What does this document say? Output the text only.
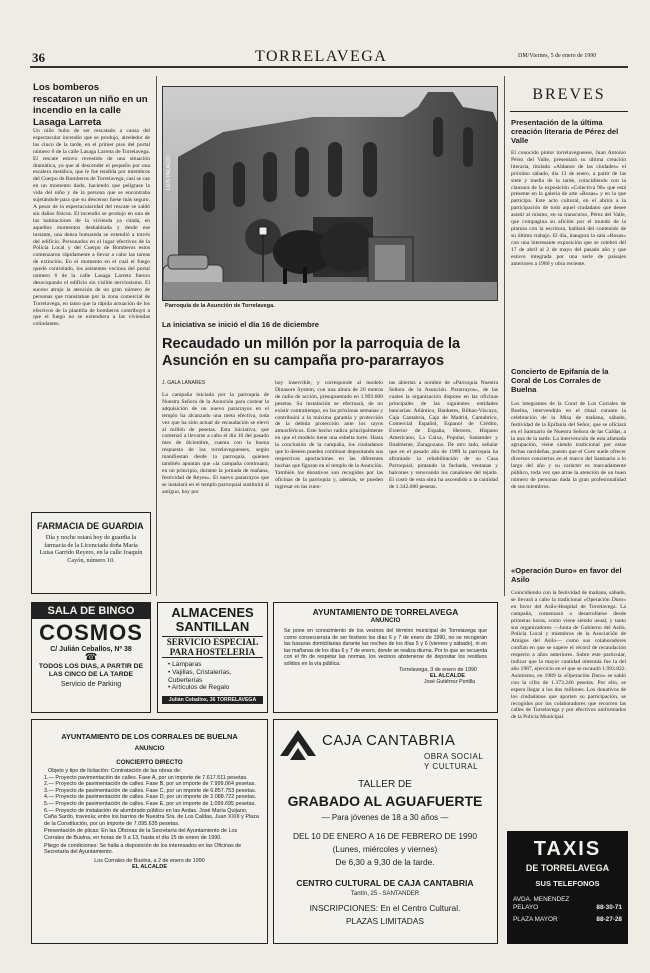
36	TORRELAVEGA	DM/Viernes, 5 de enero de 1990
Los bomberos rescataron un niño en un incendio en la calle Lasaga Larreta
Un niño hubo de ser rescatado a causa del espectacular incendio que se produjo, alrededor de las cinco de la tarde, en el primer piso del portal número 6 de la calle Lasaga Larreta de Torrelavega. El rescate estuvo revestido de una situación dramática, ya que al descender el pequeño por una escalera metálica, que le fue tendida por miembros del Cuerpo de Bomberos de Torrelavega, casi se cae en un momento dado, haciendo que peligrase la vida del niño y de la persona que se encontraba sujetándole para que su descenso fuese más seguro. A pesar de la espectacularidad del rescate se saldó sin daños físicos. El incendio se produjo en una de las habitaciones de la vivienda ya citada, en aquellos momentos deshabitada y desde ese instante, una densa humareda se extendió a través del edificio. Personados en el lugar efectivos de la Policía Local y del Cuerpo de Bomberos estos comenzaron rápidamente a llevar a cabo las tareas de extinción. En el momento en el cual el fuego quedó controlado, los asistentes vecinos del portal número 6 de la calle Lasaga Larreta fueron desocupando el edificio sin visible nerviosismo. El suceso atrajo la atención de un gran número de personas que transitaban por la zona comercial de Torrelavega, en tanto que la rápida actuación de los efectivos de la plantilla de bomberos contribuyó a que el fuego no se extendiera a las viviendas colindantes.
FARMACIA DE GUARDIA
Día y noche estará hoy de guardia la farmacia de la Licenciada doña María Luisa Garrido Reyero, en la calle Joaquín Cayón, número 10.
LUIS PALACIO
Parroquia de la Asunción de Torrelavega.
La iniciativa se inició el día 16 de diciembre
Recaudado un millón por la parroquia de la Asunción en su campaña pro-pararrayos
J. GALA LANARES
La campaña iniciada por la parroquia de Nuestra Señora de la Asunción para costear la adquisición de un nuevo pararrayos en el templo ha alcanzado una meta efectiva, toda vez que ha sido actual de recaudación se elevó al millón de pesetas. Esta iniciativa, que comenzó a llevarse a cabo el día 16 del pasado mes de diciembre, cuenta con la buena respuesta de los torrelaveguenses, según manifiestan desde la parroquia, quienes también apuntan que «la campaña continuará, en un principio, durante la jornada de mañana, festividad de Reyes». El nuevo pararrayos que se instalará en el templo parroquial sustituirá al antiguo, hoy por
hoy inservible, y corresponde al modelo Dinasore System, con una altura de 20 metros de radio de acción, presupuestado en 1.993.600 pesetas. Su instalación se efectuará, de no existir contratiempo, en las próximas semanas y contribuirá a la máxima garantía y protección de la debida protección ante los rayos atmosféricos. Este hecho radica principalmente en que el modelo tiene una esbelta torre. Hasta la conclusión de la campaña, los ciudadanos que lo deseen pueden continuar depositando sus respectivas aportaciones en las diferentes huchas que figuran en el templo de la Asunción. También los donativos son recogidos por las oficinas de la parroquia y, además, se pueden ingresar en las cuen-
tas abiertas a nombre de «Parroquia Nuestra Señora de la Asunción. Pararrayos», de las cuales la organización dispone en las oficinas principales de las siguientes entidades bancarias: Atlántico, Banketes, Bilbao-Vizcaya, Caja Cantabria, Caja de Madrid, Cantabrico, Comercial Español, Espanol de Crédito, Exterior de España, Herrero, Hispano Americano, La Caixa, Popular, Santander y finalmente, Zaragozano. De otro lado, señalar que en el pasado año de 1989 la parroquia ha afrontado la rehabilitación de su Casa Parroquial, pintando la fachada, ventanas y balcones y renovando los canalones del tejado. El costo de esta obra ha ascendido a la cantidad de 1.342.000 pesetas.
BREVES
Presentación de la última creación literaria de Pérez del Valle
El conocido pintor torrelaveguense, Juan Antonio Pérez del Valle, presentará su última creación literaria, titulada «Aldanos de las ciudades» el próximo sábado, día 13 de enero, a partir de las siete y media de la tarde, coincidiendo con la clausura de la exposición «Colectiva 90» que está presente en la galería de arte «Rosas» y en la que participa. Este acto cultural, en el abrirá a la participación de todo aquel ciudadano que desee asistir al mismo, en su transcurso, Pérez del Valle, que compagina su afición por el mundo de la pintura con la escritura, hablará del contenido de su último trabajo. El día, inaugura la sala «Rosas» con una interesante exposición que se celebró del 17 de abril al 2 de mayo del pasado año y que estuvo integrada por una serie de paisajes anteriores a 1980 y obra reciente.
Concierto de Epifanía de la Coral de Los Corrales de Buelna
Los integrantes de la Coral de Los Corrales de Buelna, intervendrán en el ritual curante la celebración de la Misa de mañana, sábado, festividad de la Epifanía del Señor, que se oficiará en el Santuario de Nuestra Señora de las Caldas, a la una de la tarde. La intervención de esta afamada agrupación, viene siendo tradicional por estas fechas navideñas, puesto que el Coro suele ofrecer diversos conciertos en el marco del Santuario a lo largo del año y su carácter es marcadamente público, toda vez que atrae la atención de un buen número de personas dada la gran profesionalidad de sus miembros.
«Operación Duro» en favor del Asilo
Coincidiendo con la festividad de mañana, sábado, se llevará a cabo la tradicional «Operación Duro» en favor del Asilo-Hospital de Torrelavega. La campaña, comenzará a desarrollarse desde primeras horas, como viene siendo usual, y tanto sus organizadores —Junta de Gobierno del Asilo, Policía Local y miembros de la Asociación de Amigos del Asilo— como sus colaboradores confían en que se supere el récord de recaudación respecto a años anteriores. Sobre este particular, indicar que la mayor cantidad obtenida fue la del año 1987, ejercicio en el que se recaudó 1.993.822. Asimismo, en 1989 la «Operación Duro» se saldó con la cifra de 1.373.246 pesetas. Por ello, se espera llegar a los dos millones. Los donativos de los ciudadanos que aporten su participación, se recogidos por los colaboradores que recorren las calles de Torrelavega y por efectivos uniformados de la Policía Municipal.
SALA DE BINGO
COSMOS
C/ Julián Ceballos, Nº 38
☎
TODOS LOS DIAS, A PARTIR DE LAS CINCO DE LA TARDE
Servicio de Parking
ALMACENES
SANTILLAN
SERVICIO ESPECIAL
PARA HOSTELERIA
• Lámparas
• Vajillas, Cristalerías, Cuberterías
• Artículos de Regalo
Julián Ceballos, 36 TORRELAVEGA
AYUNTAMIENTO DE TORRELAVEGA
ANUNCIO
Se pone en conocimiento de los vecinos del término municipal de Torrelavega que como consecuencia de ser festivos los días 6 y 7 de enero de 1990, no se recogerán las basuras domiciliarias durante las noches de los días 5 y 6 (viernes y sábado), ni en las mañanas de los días 6 y 7 de enero, donde se realiza diurna. Por lo que se recuerda con el fin de respetar las normas, los vecinos abstenerse de depositar los residuos sólidos en la vía pública.
Torrelavega, 3 de enero de 1990
EL ALCALDE
José Gutiérrez Portilla
AYUNTAMIENTO DE LOS CORRALES DE BUELNA
ANUNCIO
CONCIERTO DIRECTO
Objeto y tipo de licitación: Contratación de las obras de:
1.— Proyecto pavimentación de calles. Fase A, por un importe de 7.617.511 pesetas.
2.— Proyecto de pavimentación de calles. Fase B, por un importe de 7.999.064 pesetas.
3.— Proyecto de pavimentación de calles. Fase C, por un importe de 6.857.753 pesetas.
4.— Proyecto de pavimentación de calles. Fase D, por un importe de 2.088.722 pesetas.
5.— Proyecto de pavimentación de calles. Fase E, por un importe de 1.099.695 pesetas.
6.— Proyecto de instalación de alumbrado público en las Avdas. José María Quijano, Caña Sardo, travesía; entre los barrios de Nuestra Sra. de Los Caldas, Juan XXIII y Plaza de la Constitución, por un importe de 7.095.635 pesetas.
Presentación de plicas: En las Oficinas de la Secretaría del Ayuntamiento de Los Corrales de Buelna, en horas de 9 a 13, hasta el día 15 de enero de 1990.
Pliego de condiciones: Se halla a disposición de los interesados en las Oficinas de Secretaría del Ayuntamiento.
Los Corrales de Buelna, a 2 de enero de 1990
EL ALCALDE
CAJA CANTABRIA
OBRA SOCIAL
Y CULTURAL
TALLER DE
GRABADO AL AGUAFUERTE
— Para jóvenes de 18 a 30 años —
DEL 10 DE ENERO A 16 DE FEBRERO DE 1990
(Lunes, miércoles y viernes)
De 6,30 a 9,30 de la tarde.
CENTRO CULTURAL DE CAJA CANTABRIA
Tantín, 25 - SANTANDER
INSCRIPCIONES: En el Centro Cultural.
PLAZAS LIMITADAS
TAXIS
DE TORRELAVEGA
SUS TELEFONOS
AVDA. MENENDEZ PELAYO	88-30-71
PLAZA MAYOR	88-27-28
